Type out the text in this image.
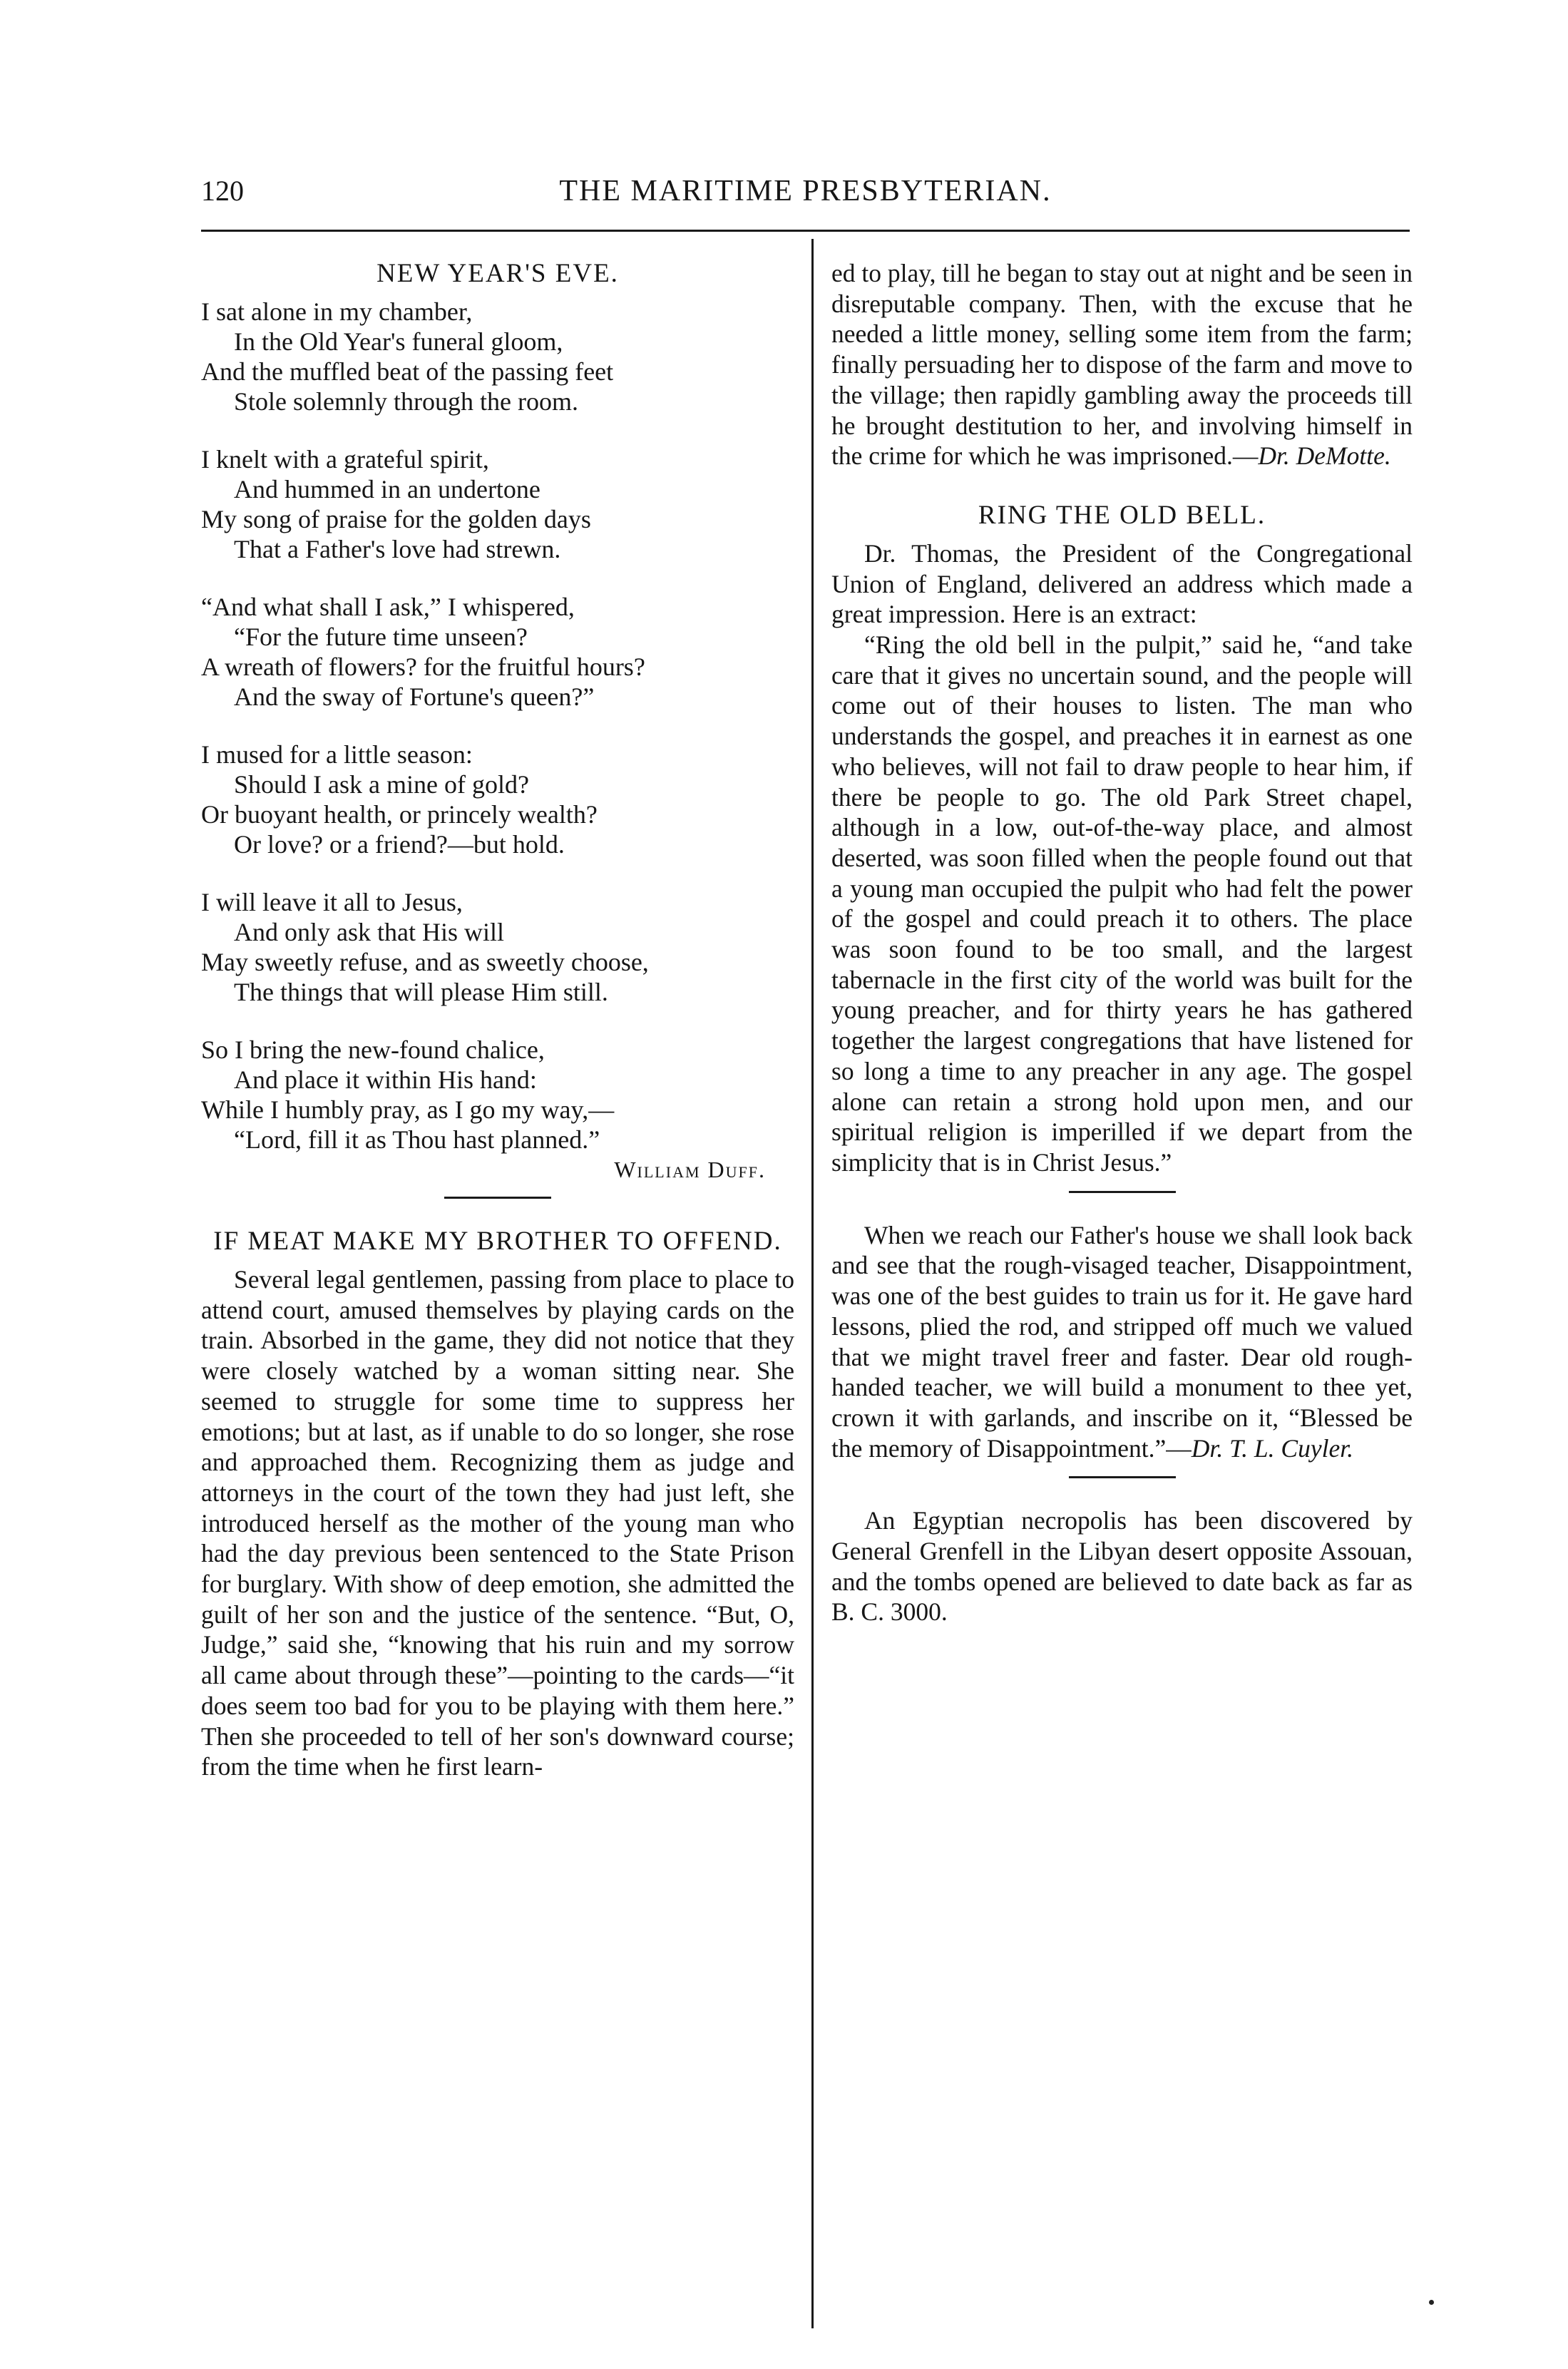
120	THE MARITIME PRESBYTERIAN.
NEW YEAR'S EVE.
I sat alone in my chamber,
In the Old Year's funeral gloom,
And the muffled beat of the passing feet
Stole solemnly through the room.
I knelt with a grateful spirit,
And hummed in an undertone
My song of praise for the golden days
That a Father's love had strewn.
“And what shall I ask,” I whispered,
“For the future time unseen?
A wreath of flowers? for the fruitful hours?
And the sway of Fortune's queen?”
I mused for a little season:
Should I ask a mine of gold?
Or buoyant health, or princely wealth?
Or love? or a friend?—but hold.
I will leave it all to Jesus,
And only ask that His will
May sweetly refuse, and as sweetly choose,
The things that will please Him still.
So I bring the new-found chalice,
And place it within His hand:
While I humbly pray, as I go my way,—
“Lord, fill it as Thou hast planned.”
William Duff.
IF MEAT MAKE MY BROTHER TO OFFEND.

Several legal gentlemen, passing from place to place to attend court, amused themselves by playing cards on the train. Absorbed in the game, they did not notice that they were closely watched by a woman sitting near. She seemed to struggle for some time to suppress her emotions; but at last, as if unable to do so longer, she rose and approached them. Recognizing them as judge and attorneys in the court of the town they had just left, she introduced herself as the mother of the young man who had the day previous been sentenced to the State Prison for burglary. With show of deep emotion, she admitted the guilt of her son and the justice of the sentence. “But, O, Judge,” said she, “knowing that his ruin and my sorrow all came about through these”—pointing to the cards—“it does seem too bad for you to be playing with them here.” Then she proceeded to tell of her son's downward course; from the time when he first learn-

ed to play, till he began to stay out at night and be seen in disreputable company. Then, with the excuse that he needed a little money, selling some item from the farm; finally persuading her to dispose of the farm and move to the village; then rapidly gambling away the proceeds till he brought destitution to her, and involving himself in the crime for which he was imprisoned.—Dr. DeMotte.

RING THE OLD BELL.

Dr. Thomas, the President of the Congregational Union of England, delivered an address which made a great impression. Here is an extract:

“Ring the old bell in the pulpit,” said he, “and take care that it gives no uncertain sound, and the people will come out of their houses to listen. The man who understands the gospel, and preaches it in earnest as one who believes, will not fail to draw people to hear him, if there be people to go. The old Park Street chapel, although in a low, out-of-the-way place, and almost deserted, was soon filled when the people found out that a young man occupied the pulpit who had felt the power of the gospel and could preach it to others. The place was soon found to be too small, and the largest tabernacle in the first city of the world was built for the young preacher, and for thirty years he has gathered together the largest congregations that have listened for so long a time to any preacher in any age. The gospel alone can retain a strong hold upon men, and our spiritual religion is imperilled if we depart from the simplicity that is in Christ Jesus.”

When we reach our Father's house we shall look back and see that the rough-visaged teacher, Disappointment, was one of the best guides to train us for it. He gave hard lessons, plied the rod, and stripped off much we valued that we might travel freer and faster. Dear old rough-handed teacher, we will build a monument to thee yet, crown it with garlands, and inscribe on it, “Blessed be the memory of Disappointment.”—Dr. T. L. Cuyler.

An Egyptian necropolis has been discovered by General Grenfell in the Libyan desert opposite Assouan, and the tombs opened are believed to date back as far as B. C. 3000.
